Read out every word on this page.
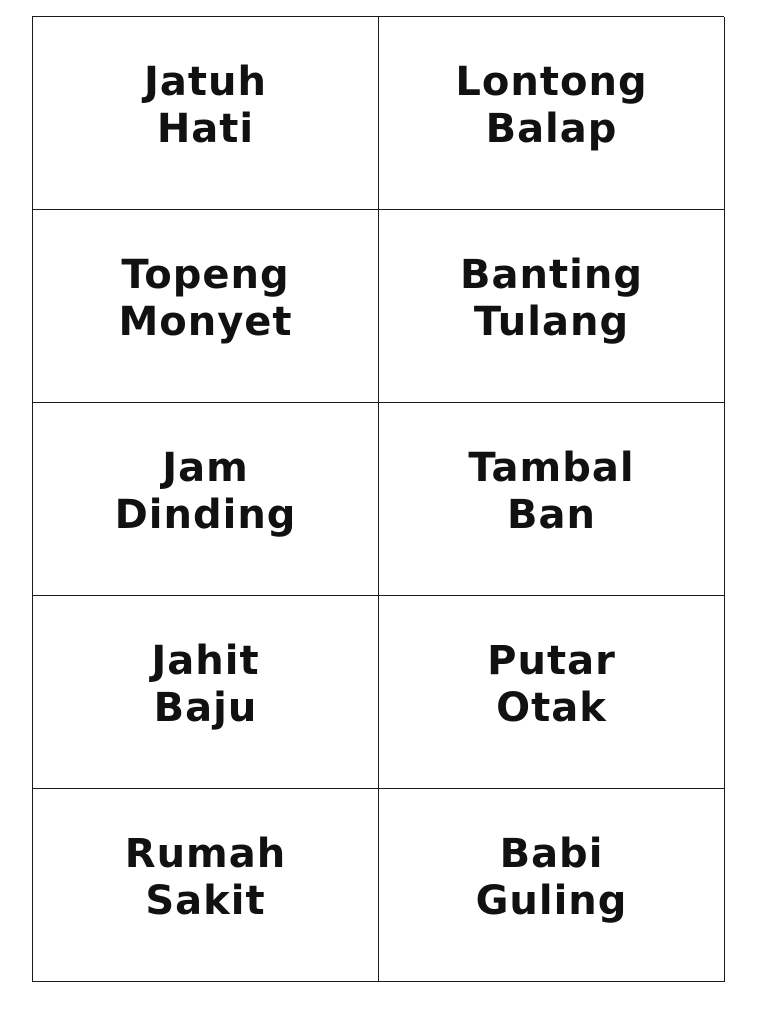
Jatuh
Hati
Lontong
Balap
Topeng
Monyet
Banting
Tulang
Jam
Dinding
Tambal
Ban
Jahit
Baju
Putar
Otak
Rumah
Sakit
Babi
Guling
